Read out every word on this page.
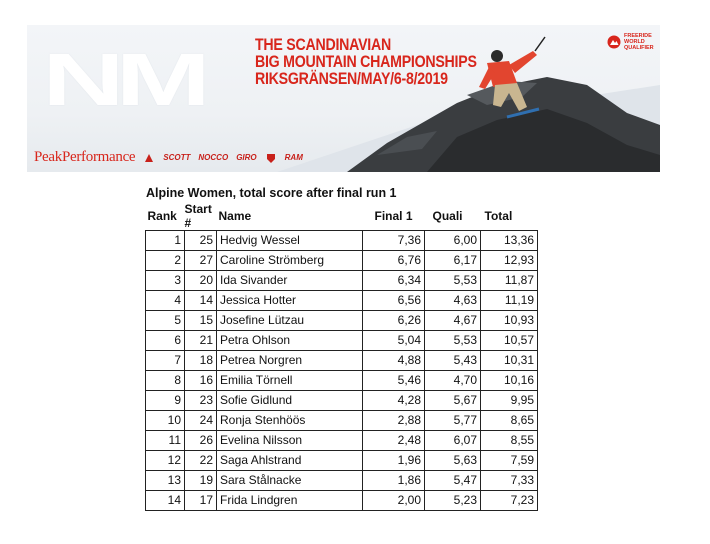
NM	THE SCANDINAVIAN
BIG MOUNTAIN CHAMPIONSHIPS
RIKSGRÄNSEN/MAY/6-8/2019
FREERIDE
WORLD
QUALIFIER
PeakPerformance	SCOTT NOCCO GIRO	RAM
Alpine Women, total score after final run 1
Rank	Start #	Name	Final 1	Quali	Total
1	25	Hedvig Wessel	7,36	6,00	13,36
2	27	Caroline Strömberg	6,76	6,17	12,93
3	20	Ida Sivander	6,34	5,53	11,87
4	14	Jessica Hotter	6,56	4,63	11,19
5	15	Josefine Lützau	6,26	4,67	10,93
6	21	Petra Ohlson	5,04	5,53	10,57
7	18	Petrea Norgren	4,88	5,43	10,31
8	16	Emilia Törnell	5,46	4,70	10,16
9	23	Sofie Gidlund	4,28	5,67	9,95
10	24	Ronja Stenhöös	2,88	5,77	8,65
11	26	Evelina Nilsson	2,48	6,07	8,55
12	22	Saga Ahlstrand	1,96	5,63	7,59
13	19	Sara Stålnacke	1,86	5,47	7,33
14	17	Frida Lindgren	2,00	5,23	7,23
